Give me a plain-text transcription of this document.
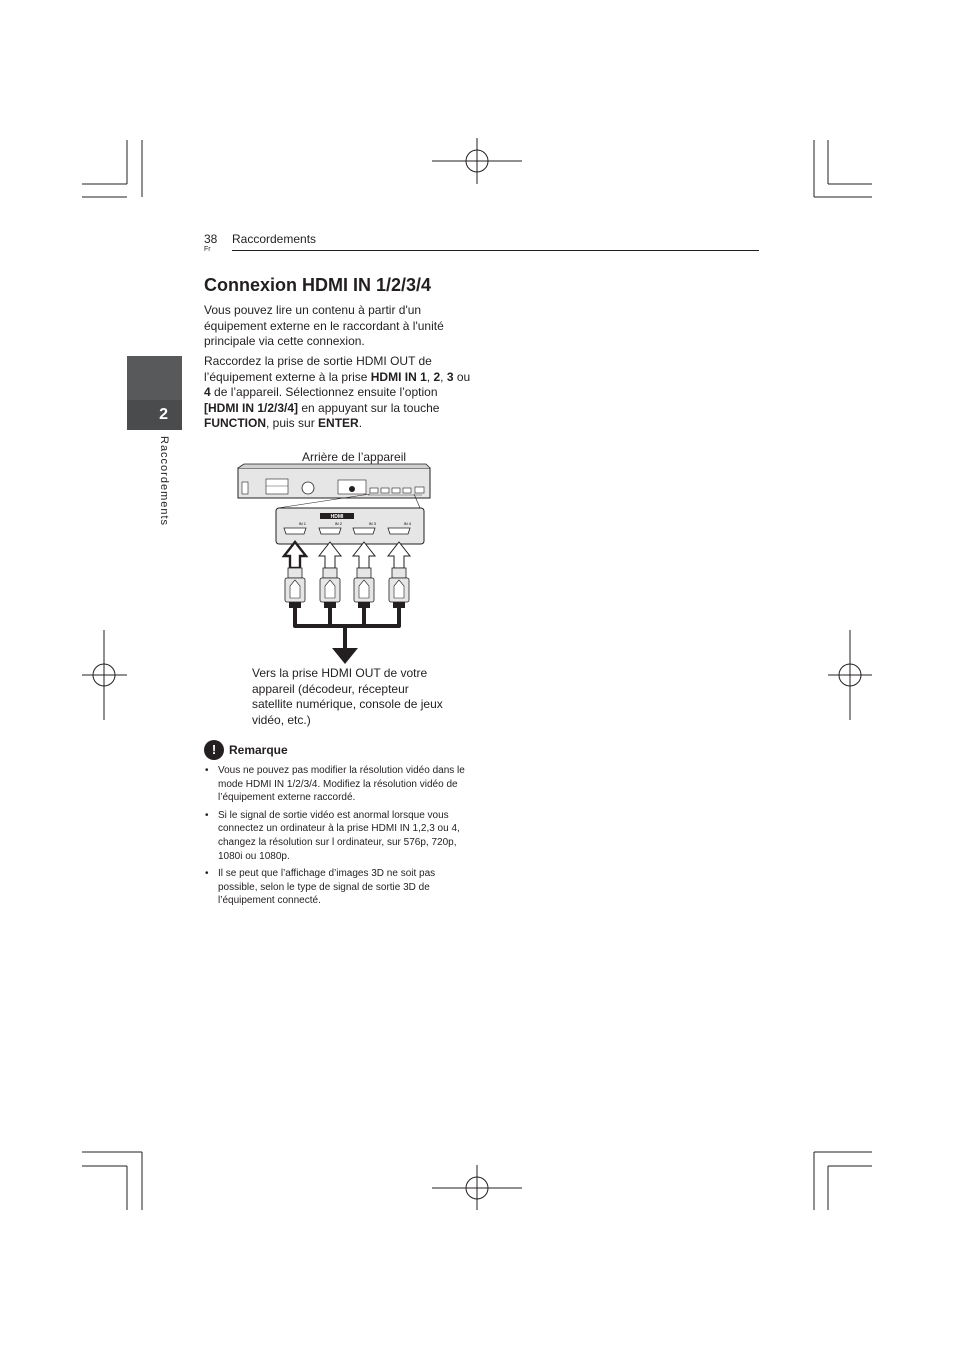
38
Fr
Raccordements
2
Raccordements
Connexion HDMI IN 1/2/3/4
Vous pouvez lire un contenu à partir d'un équipement externe en le raccordant à l'unité principale via cette connexion.
Raccordez la prise de sortie HDMI OUT de l’équipement externe à la prise HDMI IN 1, 2, 3 ou 4 de l’appareil. Sélectionnez ensuite l’option [HDMI IN 1/2/3/4] en appuyant sur la touche FUNCTION, puis sur ENTER.
Arrière de l’appareil
HDMI
IN 1	IN 2	IN 3	IN 4
Vers la prise HDMI OUT de votre appareil (décodeur, récepteur satellite numérique, console de jeux vidéo, etc.)
!	Remarque
• Vous ne pouvez pas modifier la résolution vidéo dans le mode HDMI IN 1/2/3/4. Modifiez la résolution vidéo de l’équipement externe raccordé.
• Si le signal de sortie vidéo est anormal lorsque vous connectez un ordinateur à la prise HDMI IN 1,2,3 ou 4, changez la résolution sur l ordinateur, sur 576p, 720p, 1080i ou 1080p.
• Il se peut que l’affichage d’images 3D ne soit pas possible, selon le type de signal de sortie 3D de l’équipement connecté.
